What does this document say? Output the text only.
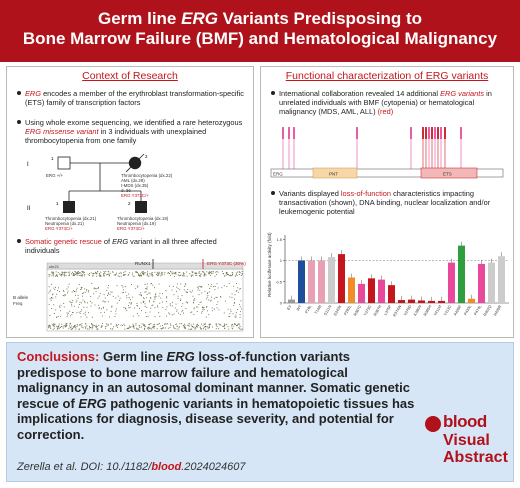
Germ line ERG Variants Predisposing to
Bone Marrow Failure (BMF) and Hematological Malignancy
Context of Research
ERG encodes a member of the erythroblast transformation-specific (ETS) family of transcription factors
Using whole exome sequencing, we identified a rare heterozygous ERG missense variant in 3 individuals with unexplained thrombocytopenia from one family
I
II
1	2
1	2
ERG +/+	Thrombocytopenia (dx.22)
AML (dx.29)
t-MDS (dx.35)
d. 36
ERG Y373C/+
Thrombocytopenia (dx.21)
Neutropenia (dx.21)
ERG Y373C/+
Thrombocytopenia (dx.19)
Neutropenia (dx.19)
ERG Y373C/+
Somatic genetic rescue of ERG variant in all three affected individuals
RUNX1	ERG Y373C (30%)
chr21
B allele
Freq
Functional characterization of ERG variants
International collaboration revealed 14 additional ERG variants in unrelated individuals with BMF (cytopenia) or hematological malignancy (MDS, AML, ALL) (red)
ERG	PNT	ETS
Variants displayed loss-of-function characteristics impacting transactivation (shown), DNA binding, nuclear localization and/or leukemogenic potential
Relative luciferase activity (fold)
0
0.5
1
1.5
EV WT P16L T148I S111N E242K P282L R367C Y373C R367H L375P R374W V379D K380N R385H V411M Y413C A426P P433L P474L R402Q H429R
Conclusions: Germ line ERG loss-of-function variants predispose to bone marrow failure and hematological malignancy in an autosomal dominant manner. Somatic genetic rescue of ERG pathogenic variants in hematopoietic tissues has implications for diagnosis, disease severity, and potential for correction.
Zerella et al. DOI: 10./1182/blood.2024024607
blood
Visual
Abstract
